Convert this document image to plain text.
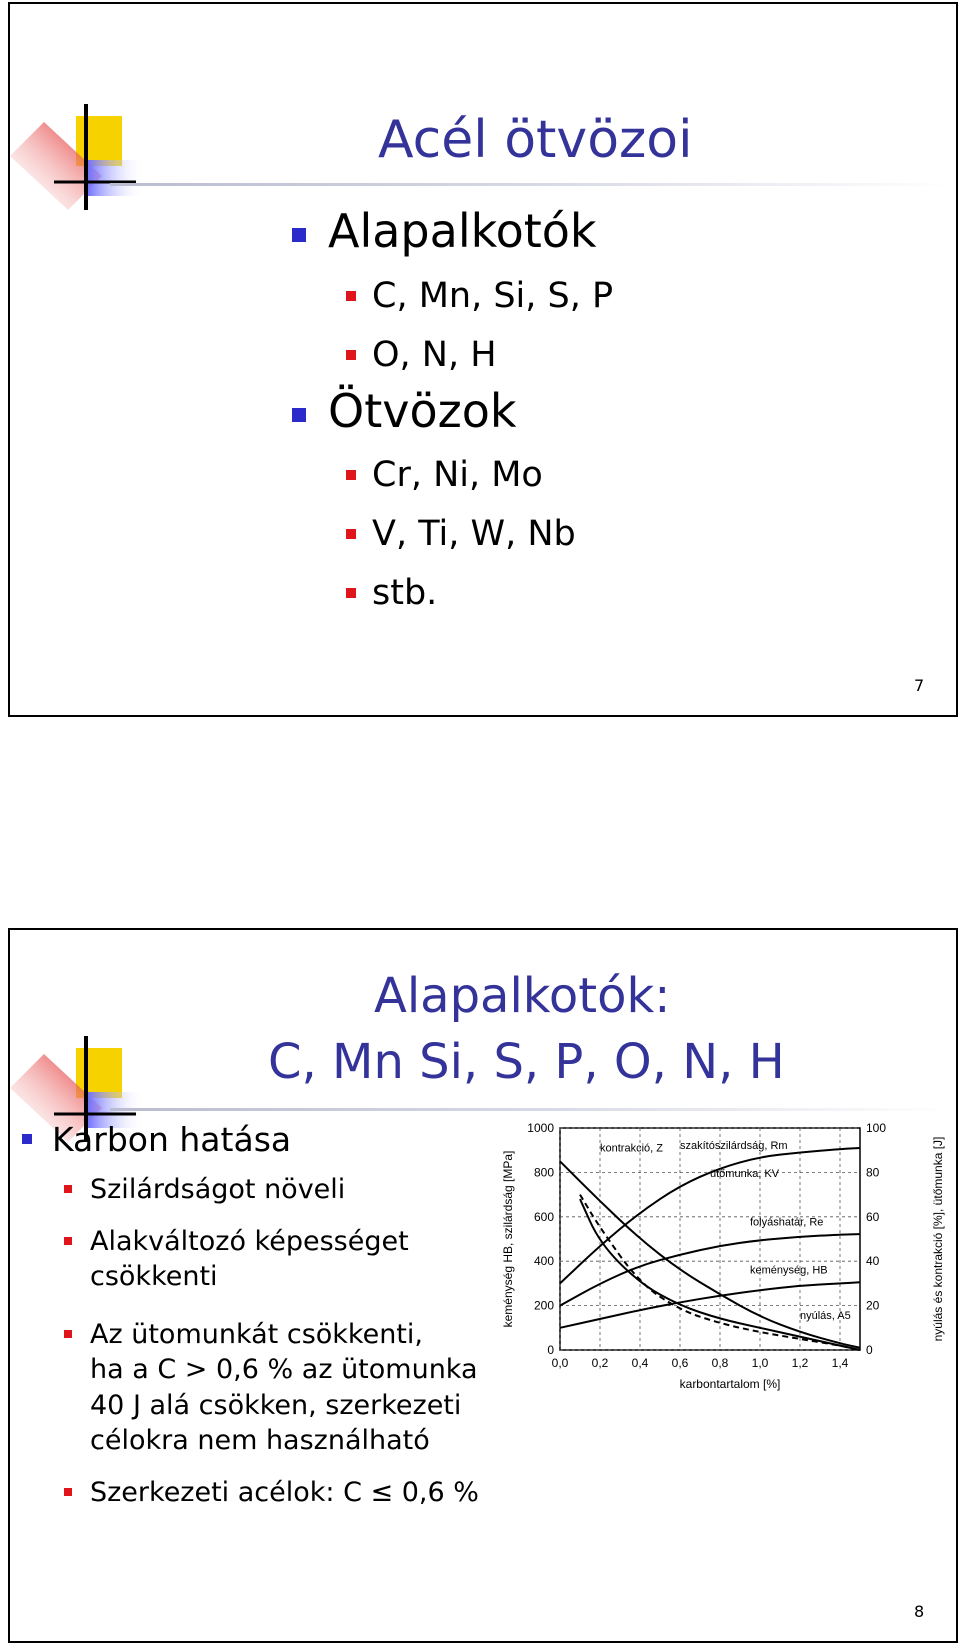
Acél ötvözoi
Alapalkotók
C, Mn, Si, S, P
O, N, H
Ötvözok
Cr, Ni, Mo
V, Ti, W, Nb
stb.
7
Alapalkotók:
C, Mn Si, S, P, O, N, H
Karbon hatása
Szilárdságot növeli
Alakváltozó képességet
csökkenti
Az ütomunkát csökkenti,
ha a C > 0,6 % az ütomunka
40 J alá csökken, szerkezeti
célokra nem használható
Szerkezeti acélok: C ≤ 0,6 %
0,0 0,2 0,4 0,6 0,8 1,0 1,2 1,4
0
200
400
600
800
1000
0
20
40
60
80
100
karbontartalom [%]
keménység HB, szilárdság [MPa]	nyúlás és kontrakció [%], ütőmunka [J]
szakítószilárdság, Rm
folyáshatár, Re
keménység, HB
ütőmunka, KV
kontrakció, Z
nyúlás, A5
8
